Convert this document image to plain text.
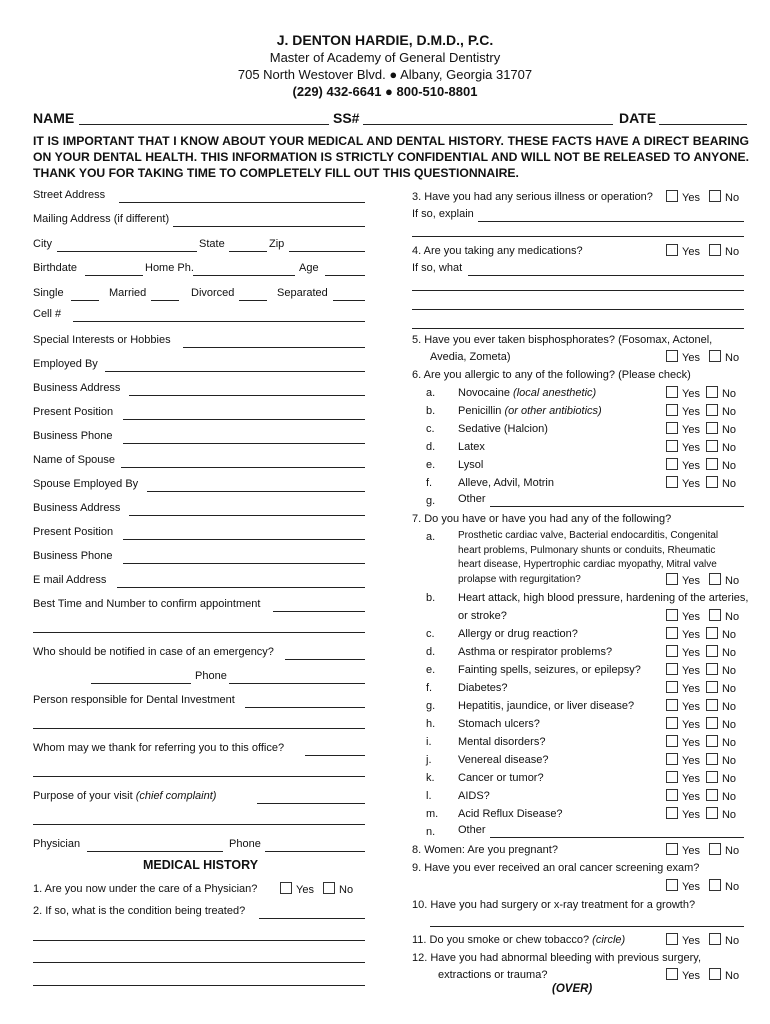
J. DENTON HARDIE, D.M.D., P.C.
Master of Academy of General Dentistry
705 North Westover Blvd. ● Albany, Georgia 31707
(229) 432-6641 ● 800-510-8801
NAME	SS#	DATE
IT IS IMPORTANT THAT I KNOW ABOUT YOUR MEDICAL AND DENTAL HISTORY. THESE FACTS HAVE A DIRECT BEARING ON YOUR DENTAL HEALTH. THIS INFORMATION IS STRICTLY CONFIDENTIAL AND WILL NOT BE RELEASED TO ANYONE. THANK YOU FOR TAKING TIME TO COMPLETELY FILL OUT THIS QUESTIONNAIRE.
Street Address
Mailing Address (if different)
City	State	Zip
Birthdate	Home Ph.	Age
Single	Married	Divorced	Separated
Cell #
Special Interests or Hobbies
Employed By
Business Address
Present Position
Business Phone
Name of Spouse
Spouse Employed By
Business Address
Present Position
Business Phone
E mail Address
Best Time and Number to confirm appointment
Who should be notified in case of an emergency?
Phone
Person responsible for Dental Investment
Whom may we thank for referring you to this office?
Purpose of your visit (chief complaint)
Physician	Phone
MEDICAL HISTORY
1. Are you now under the care of a Physician?	Yes No
2. If so, what is the condition being treated?
3. Have you had any serious illness or operation?	Yes No
If so, explain
4. Are you taking any medications?	Yes No
If so, what
5. Have you ever taken bisphosphorates? (Fosomax, Actonel,
Avedia, Zometa)	Yes No
6. Are you allergic to any of the following? (Please check)
a. Novocaine (local anesthetic)	Yes No
b. Penicillin (or other antibiotics)	Yes No
c. Sedative (Halcion)	Yes No
d. Latex	Yes No
e. Lysol	Yes No
f. Alleve, Advil, Motrin	Yes No
g. Other
7. Do you have or have you had any of the following?
a. Prosthetic cardiac valve, Bacterial endocarditis, Congenital
heart problems, Pulmonary shunts or conduits, Rheumatic
heart disease, Hypertrophic cardiac myopathy, Mitral valve
prolapse with regurgitation?	Yes No
b. Heart attack, high blood pressure, hardening of the arteries,
or stroke?	Yes No
c. Allergy or drug reaction?	Yes No
d. Asthma or respirator problems?	Yes No
e. Fainting spells, seizures, or epilepsy?	Yes No
f. Diabetes?	Yes No
g. Hepatitis, jaundice, or liver disease?	Yes No
h. Stomach ulcers?	Yes No
i. Mental disorders?	Yes No
j. Venereal disease?	Yes No
k. Cancer or tumor?	Yes No
l. AIDS?	Yes No
m. Acid Reflux Disease?	Yes No
n. Other
8. Women: Are you pregnant?	Yes No
9. Have you ever received an oral cancer screening exam?
Yes No
10. Have you had surgery or x-ray treatment for a growth?
11. Do you smoke or chew tobacco? (circle)	Yes No
12. Have you had abnormal bleeding with previous surgery,
extractions or trauma?	Yes No
(OVER)
